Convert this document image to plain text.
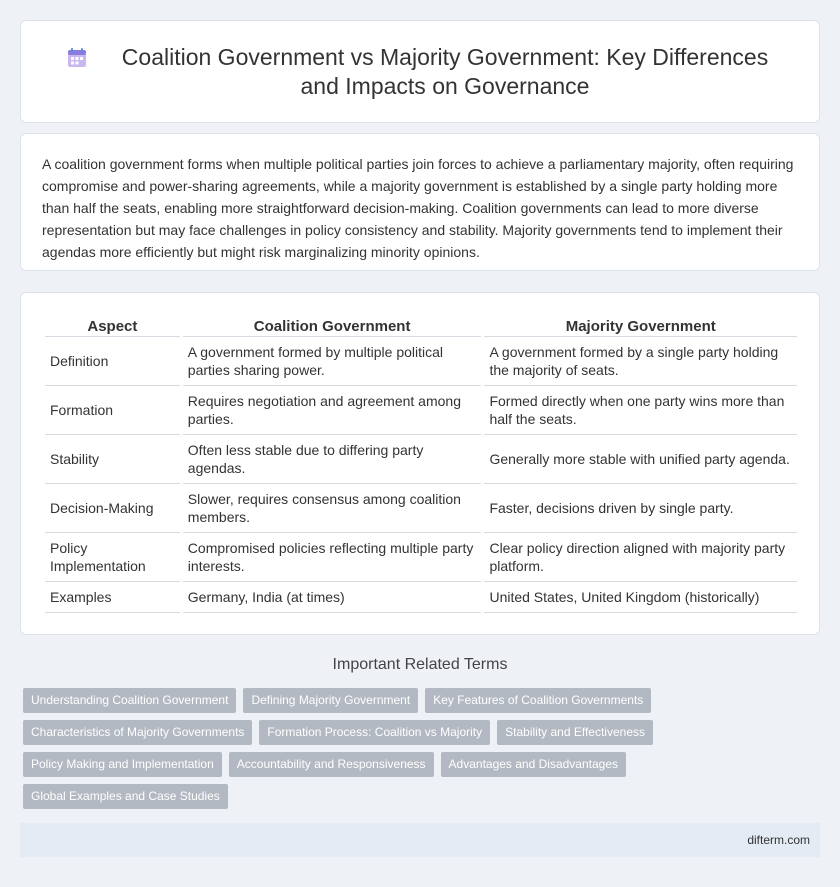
Coalition Government vs Majority Government: Key Differences and Impacts on Governance

A coalition government forms when multiple political parties join forces to achieve a parliamentary majority, often requiring compromise and power-sharing agreements, while a majority government is established by a single party holding more than half the seats, enabling more straightforward decision-making. Coalition governments can lead to more diverse representation but may face challenges in policy consistency and stability. Majority governments tend to implement their agendas more efficiently but might risk marginalizing minority opinions.

Aspect	Coalition Government	Majority Government
Definition	A government formed by multiple political parties sharing power.	A government formed by a single party holding the majority of seats.
Formation	Requires negotiation and agreement among parties.	Formed directly when one party wins more than half the seats.
Stability	Often less stable due to differing party agendas.	Generally more stable with unified party agenda.
Decision-Making	Slower, requires consensus among coalition members.	Faster, decisions driven by single party.
Policy Implementation	Compromised policies reflecting multiple party interests.	Clear policy direction aligned with majority party platform.
Examples	Germany, India (at times)	United States, United Kingdom (historically)
Important Related Terms
Understanding Coalition Government	Defining Majority Government	Key Features of Coalition Governments
Characteristics of Majority Governments	Formation Process: Coalition vs Majority	Stability and Effectiveness
Policy Making and Implementation	Accountability and Responsiveness	Advantages and Disadvantages
Global Examples and Case Studies
difterm.com
